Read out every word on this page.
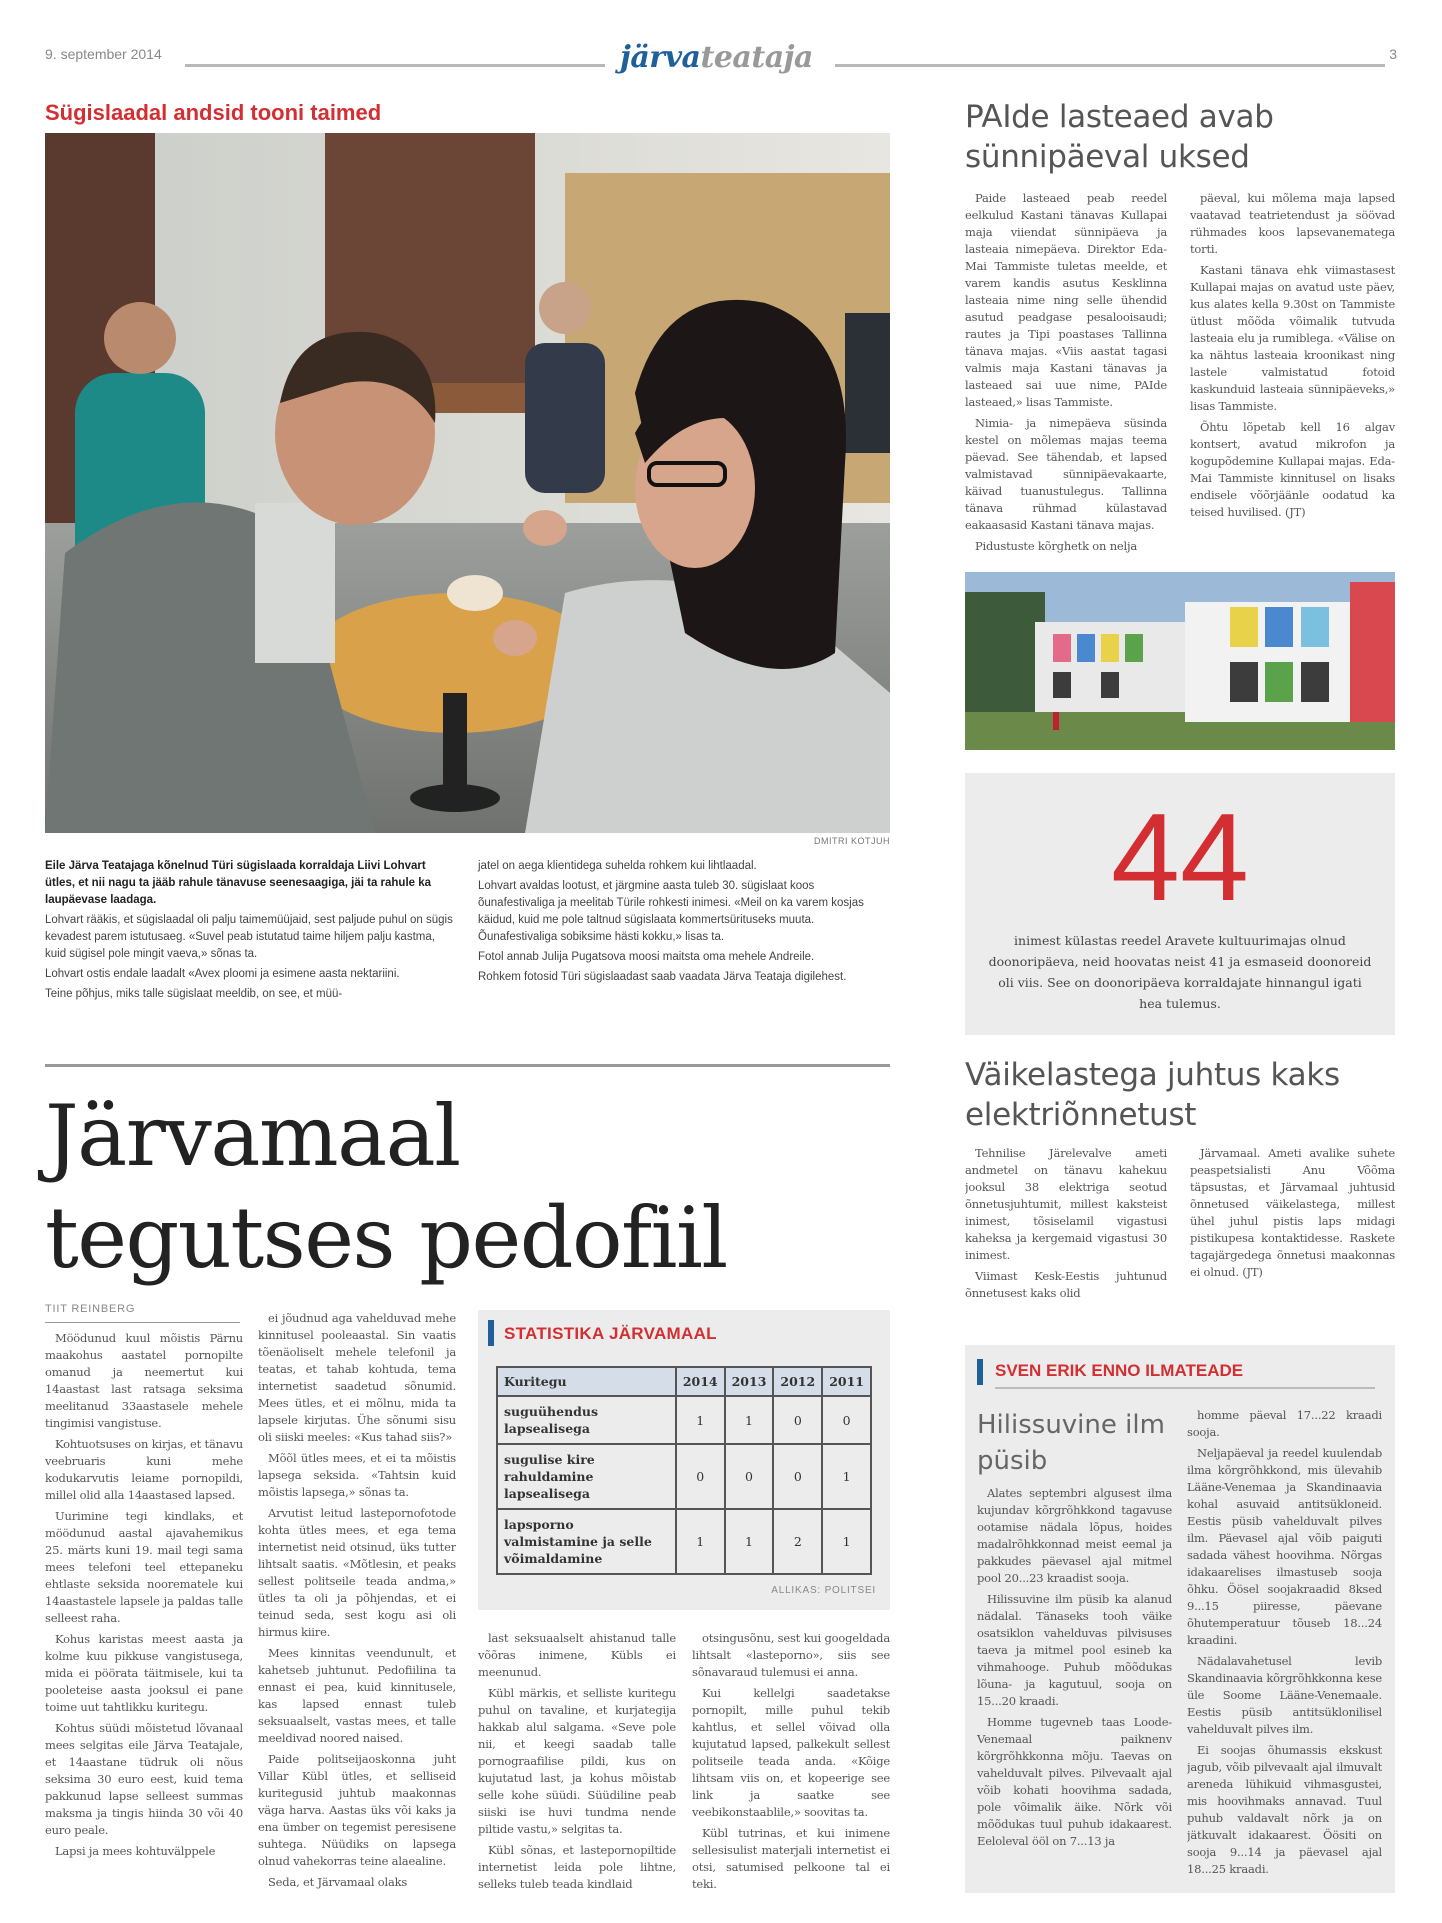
9. september 2014	järvateataja	3
Sügislaadal andsid tooni taimed
DMITRI KOTJUH

Eile Järva Teatajaga kõnelnud Türi sügislaada korraldaja Liivi Lohvart ütles, et nii nagu ta jääb rahule tänavuse seenesaagiga, jäi ta rahule ka laupäevase laadaga.

Lohvart rääkis, et sügislaadal oli palju taimemüüjaid, sest paljude puhul on sügis kevadest parem istutusaeg. «Suvel peab istutatud taime hiljem palju kastma, kuid sügisel pole mingit vaeva,» sõnas ta.

Lohvart ostis endale laadalt «Avex ploomi ja esimene aasta nektariini.

Teine põhjus, miks talle sügislaat meeldib, on see, et müü-

jatel on aega klientidega suhelda rohkem kui lihtlaadal.

Lohvart avaldas lootust, et järgmine aasta tuleb 30. sügislaat koos õunafestivaliga ja meelitab Türile rohkesti inimesi. «Meil on ka varem kosjas käidud, kuid me pole taltnud sügislaata kommertsürituseks muuta. Õunafestivaliga sobiksime hästi kokku,» lisas ta.

Fotol annab Julija Pugatsova moosi maitsta oma mehele Andreile.

Rohkem fotosid Türi sügislaadast saab vaadata Järva Teataja digilehest.

Järvamaal
tegutses pedofiil
TIIT REINBERG

Möödunud kuul mõistis Pärnu maakohus aastatel pornopilte omanud ja neemertut kui 14aastast last ratsaga seksima meelitanud 33aastasele mehele tingimisi vangistuse.

Kohtuotsuses on kirjas, et tänavu veebruaris kuni mehe kodukarvutis leiame pornopildi, millel olid alla 14aastased lapsed.

Uurimine tegi kindlaks, et möödunud aastal ajavahemikus 25. märts kuni 19. mail tegi sama mees telefoni teel ettepaneku ehtlaste seksida noorematele kui 14aastastele lapsele ja paldas talle selleest raha.

Kohus karistas meest aasta ja kolme kuu pikkuse vangistusega, mida ei pöörata täitmisele, kui ta pooleteise aasta jooksul ei pane toime uut tahtlikku kuritegu.

Kohtus süüdi mõistetud lõvanaal mees selgitas eile Järva Teatajale, et 14aastane tüdruk oli nõus seksima 30 euro eest, kuid tema pakkunud lapse selleest summas maksma ja tingis hiinda 30 või 40 euro peale.

Lapsi ja mees kohtuvälppele

ei jõudnud aga vahelduvad mehe kinnitusel pooleaastal. Sin vaatis tõenäoliselt mehele telefonil ja teatas, et tahab kohtuda, tema internetist saadetud sõnumid. Mees ütles, et ei mõlnu, mida ta lapsele kirjutas. Ühe sõnumi sisu oli siiski meeles: «Kus tahad siis?»

Mõõl ütles mees, et ei ta mõistis lapsega seksida. «Tahtsin kuid mõistis lapsega,» sõnas ta.

Arvutist leitud lastepornofotode kohta ütles mees, et ega tema internetist neid otsinud, üks tutter lihtsalt saatis. «Mõtlesin, et peaks sellest politseile teada andma,» ütles ta oli ja põhjendas, et ei teinud seda, sest kogu asi oli hirmus kiire.

Mees kinnitas veendunult, et kahetseb juhtunut. Pedofiilina ta ennast ei pea, kuid kinnitusele, kas lapsed ennast tuleb seksuaalselt, vastas mees, et talle meeldivad noored naised.

Paide politseijaoskonna juht Villar Kübl ütles, et selliseid kuritegusid juhtub maakonnas väga harva. Aastas üks või kaks ja ena ümber on tegemist peresisene suhtega. Nüüdiks on lapsega olnud vahekorras teine alaealine.

Seda, et Järvamaal olaks

last seksuaalselt ahistanud talle võõras inimene, Kübls ei meenunud.

Kübl märkis, et selliste kuritegu puhul on tavaline, et kurjategija hakkab alul salgama. «Seve pole nii, et keegi saadab talle pornograafilise pildi, kus on kujutatud last, ja kohus mõistab selle kohe süüdi. Süüdiline peab siiski ise huvi tundma nende piltide vastu,» selgitas ta.

Kübl sõnas, et lastepornopiltide internetist leida pole lihtne, selleks tuleb teada kindlaid

otsingusõnu, sest kui googeldada lihtsalt «lasteporno», siis see sõnavaraud tulemusi ei anna.

Kui kellelgi saadetakse pornopilt, mille puhul tekib kahtlus, et sellel võivad olla kujutatud lapsed, palkekult sellest politseile teada anda. «Kõige lihtsam viis on, et kopeerige see link ja saatke see veebikonstaablile,» soovitas ta.

Kübl tutrinas, et kui inimene sellesisulist materjali internetist ei otsi, satumised pelkoone tal ei teki.

STATISTIKA JÄRVAMAAL
Kuritegu	2014	2013	2012	2011
suguühendus lapsealisega	1	1	0	0
sugulise kire rahuldamine lapsealisega	0	0	0	1
lapsporno valmistamine ja selle võimaldamine	1	1	2	1
ALLIKAS: POLITSEI
PAIde lasteaed avab sünnipäeval uksed

Paide lasteaed peab reedel eelkulud Kastani tänavas Kullapai maja viiendat sünnipäeva ja lasteaia nimepäeva. Direktor Eda-Mai Tammiste tuletas meelde, et varem kandis asutus Kesklinna lasteaia nime ning selle ühendid asutud peadgase pesalooisaudi; rautes ja Tipi poastases Tallinna tänava majas. «Viis aastat tagasi valmis maja Kastani tänavas ja lasteaed sai uue nime, PAIde lasteaed,» lisas Tammiste.

Nimia- ja nimepäeva süsinda kestel on mõlemas majas teema päevad. See tähendab, et lapsed valmistavad sünnipäevakaarte, käivad tuanustulegus. Tallinna tänava rühmad külastavad eakaasasid Kastani tänava majas.

Pidustuste kõrghetk on nelja

päeval, kui mõlema maja lapsed vaatavad teatrietendust ja söövad rühmades koos lapsevanematega torti.

Kastani tänava ehk viimastasest Kullapai majas on avatud uste päev, kus alates kella 9.30st on Tammiste ütlust mõõda võimalik tutvuda lasteaia elu ja rumiblega. «Välise on ka nähtus lasteaia kroonikast ning lastele valmistatud fotoid kaskunduid lasteaia sünnipäeveks,» lisas Tammiste.

Õhtu lõpetab kell 16 algav kontsert, avatud mikrofon ja kogupõdemine Kullapai majas. Eda-Mai Tammiste kinnitusel on lisaks endisele võõrjäänle oodatud ka teised huvilised. (JT)

44
inimest külastas reedel Aravete kultuurimajas olnud doonoripäeva, neid hoovatas neist 41 ja esmaseid doonoreid oli viis. See on doonoripäeva korraldajate hinnangul igati hea tulemus.
Väikelastega juhtus kaks elektriõnnetust

Tehnilise Järelevalve ameti andmetel on tänavu kahekuu jooksul 38 elektriga seotud õnnetusjuhtumit, millest kaksteist inimest, tõsiselamil vigastusi kaheksa ja kergemaid vigastusi 30 inimest.

Viimast Kesk-Eestis juhtunud õnnetusest kaks olid

Järvamaal. Ameti avalike suhete peaspetsialisti Anu Võõma täpsustas, et Järvamaal juhtusid õnnetused väikelastega, millest ühel juhul pistis laps midagi pistikupesa kontaktidesse. Raskete tagajärgedega õnnetusi maakonnas ei olnud. (JT)

SVEN ERIK ENNO ILMATEADE
Hilissuvine ilm püsib

Alates septembri algusest ilma kujundav kõrgrõhkkond tagavuse ootamise nädala lõpus, hoides madalrõhkkonnad meist eemal ja pakkudes päevasel ajal mitmel pool 20...23 kraadist sooja.

Hilissuvine ilm püsib ka alanud nädalal. Tänaseks tooh väike osatsiklon vahelduvas pilvisuses taeva ja mitmel pool esineb ka vihmahooge. Puhub mõõdukas lõuna- ja kagutuul, sooja on 15...20 kraadi.

Homme tugevneb taas Loode-Venemaal paiknenv kõrgrõhkkonna mõju. Taevas on vahelduvalt pilves. Pilvevaalt ajal võib kohati hoovihma sadada, pole võimalik äike. Nõrk või mõõdukas tuul puhub idakaarest. Eeloleval ööl on 7...13 ja

homme päeval 17...22 kraadi sooja.

Neljapäeval ja reedel kuulendab ilma kõrgrõhkkond, mis ülevahib Lääne-Venemaa ja Skandinaavia kohal asuvaid antitsükloneid. Eestis püsib vahelduvalt pilves ilm. Päevasel ajal võib paiguti sadada vähest hoovihma. Nõrgas idakaarelises ilmastuseb sooja õhku. Öösel soojakraadid 8ksed 9...15 piiresse, päevane õhutemperatuur tõuseb 18...24 kraadini.

Nädalavahetusel levib Skandinaavia kõrgrõhkkonna kese üle Soome Lääne-Venemaale. Eestis püsib antitsüklonilisel vahelduvalt pilves ilm.

Ei soojas õhumassis ekskust jagub, võib pilvevaalt ajal ilmuvalt areneda lühikuid vihmasgustei, mis hoovihmaks annavad. Tuul puhub valdavalt nõrk ja on jätkuvalt idakaarest. Öösiti on sooja 9...14 ja päevasel ajal 18...25 kraadi.
